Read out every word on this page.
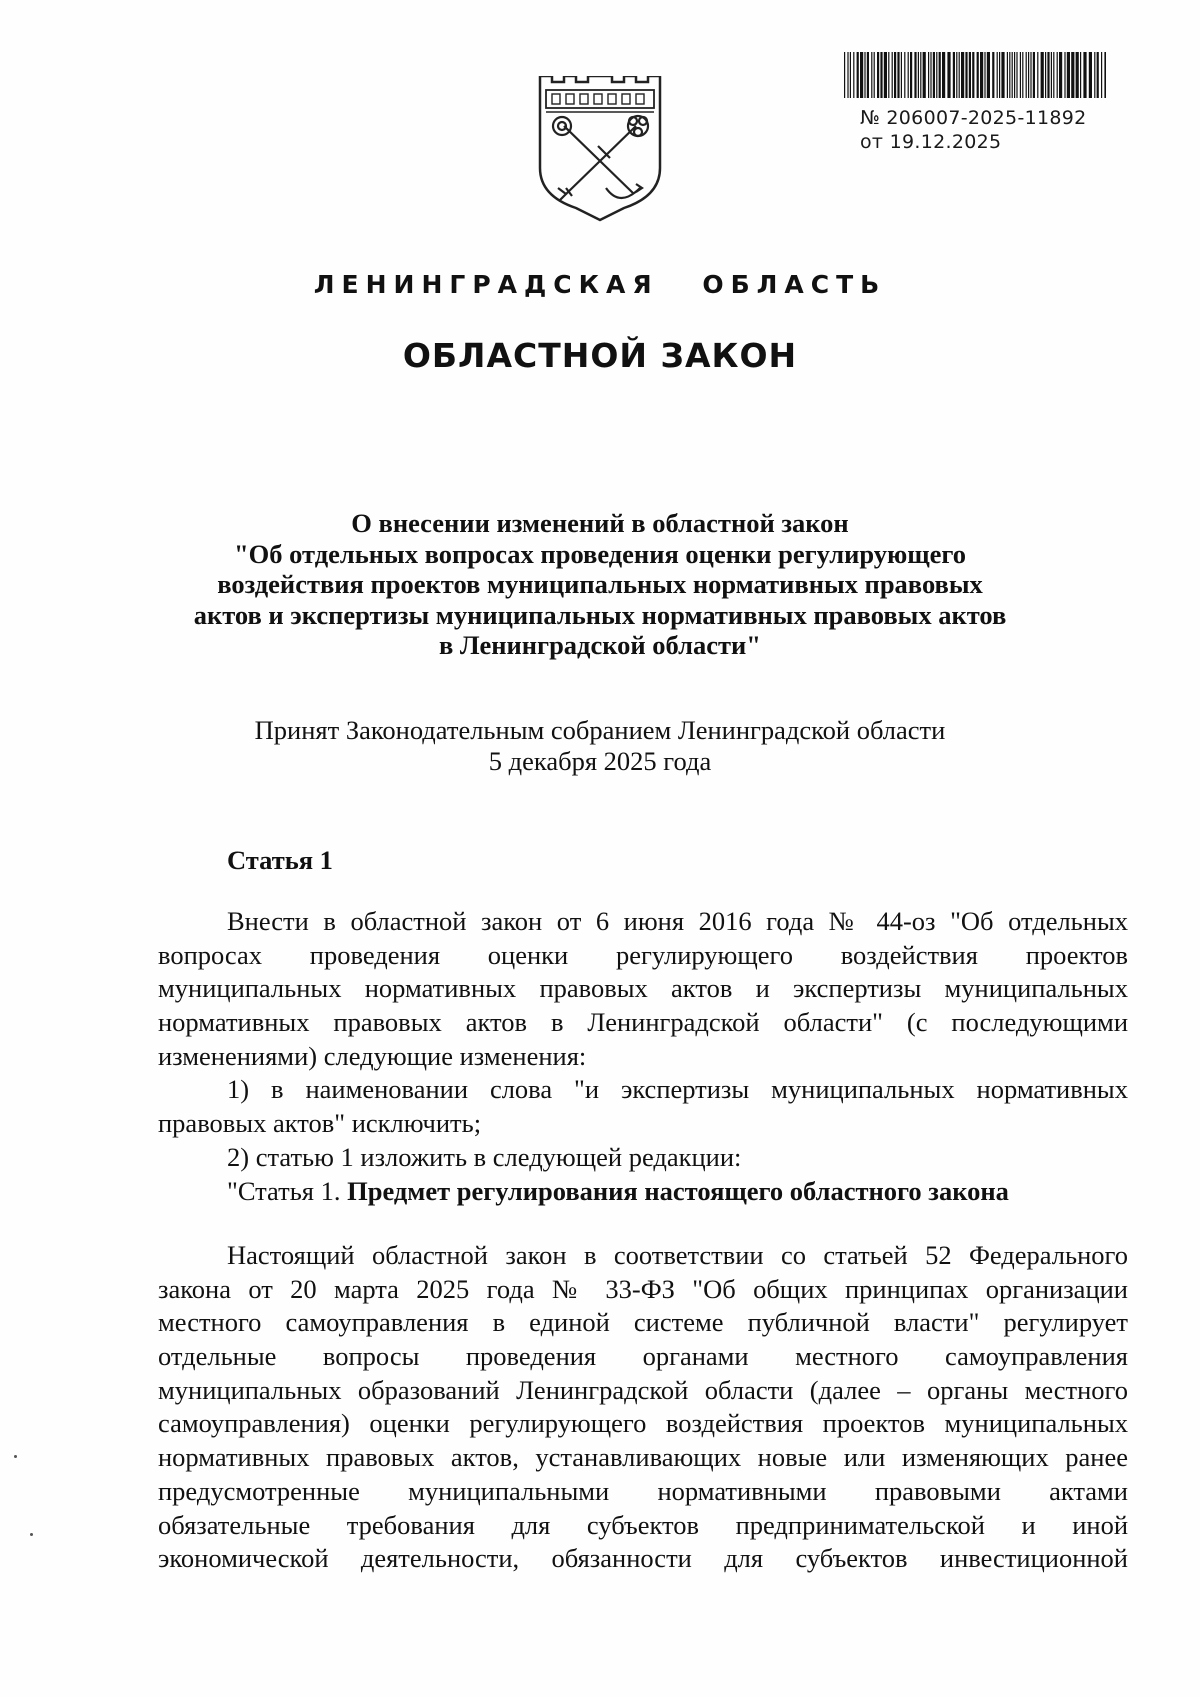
№ 206007-2025-11892
от 19.12.2025
ЛЕНИНГРАДСКАЯ ОБЛАСТЬ
ОБЛАСТНОЙ ЗАКОН
О внесении изменений в областной закон
"Об отдельных вопросах проведения оценки регулирующего
воздействия проектов муниципальных нормативных правовых
актов и экспертизы муниципальных нормативных правовых актов
в Ленинградской области"
Принят Законодательным собранием Ленинградской области
5 декабря 2025 года
Статья 1
Внести в областной закон от 6 июня 2016 года № 44-оз "Об отдельных
вопросах проведения оценки регулирующего воздействия проектов
муниципальных нормативных правовых актов и экспертизы муниципальных
нормативных правовых актов в Ленинградской области" (с последующими
изменениями) следующие изменения:
1) в наименовании слова "и экспертизы муниципальных нормативных
правовых актов" исключить;
2) статью 1 изложить в следующей редакции:
"Статья 1. Предмет регулирования настоящего областного закона
Настоящий областной закон в соответствии со статьей 52 Федерального
закона от 20 марта 2025 года № 33-ФЗ "Об общих принципах организации
местного самоуправления в единой системе публичной власти" регулирует
отдельные вопросы проведения органами местного самоуправления
муниципальных образований Ленинградской области (далее – органы местного
самоуправления) оценки регулирующего воздействия проектов муниципальных
нормативных правовых актов, устанавливающих новые или изменяющих ранее
предусмотренные муниципальными нормативными правовыми актами
обязательные требования для субъектов предпринимательской и иной
экономической деятельности, обязанности для субъектов инвестиционной
